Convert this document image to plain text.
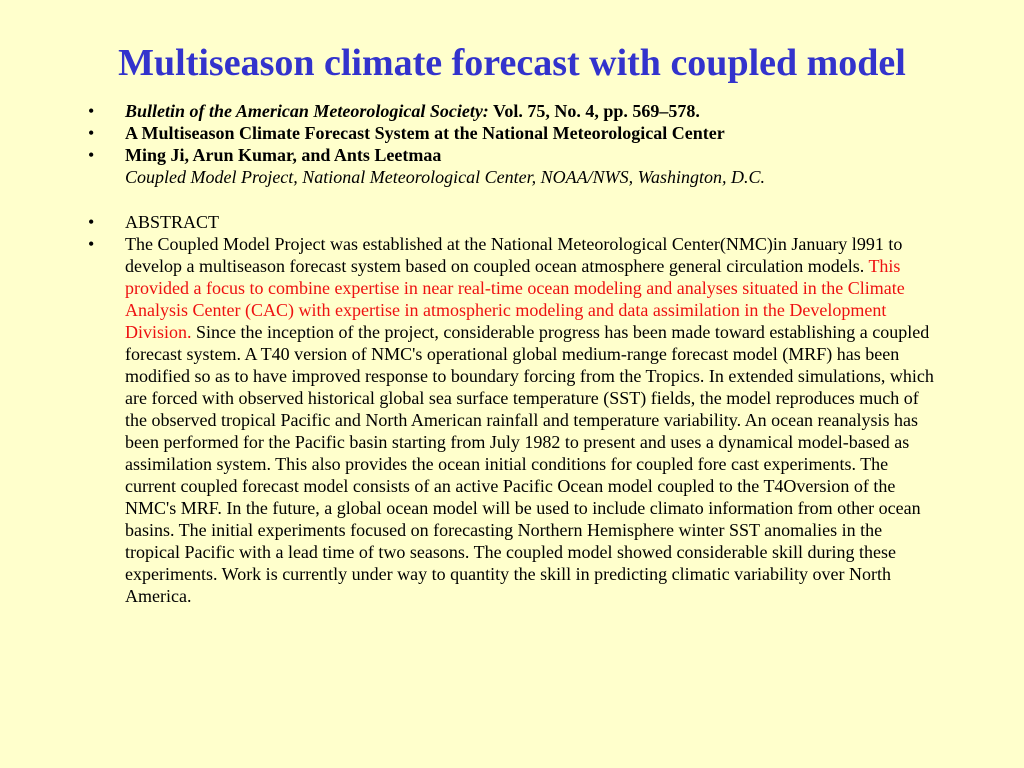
Multiseason climate forecast with coupled model
• Bulletin of the American Meteorological Society: Vol. 75, No. 4, pp. 569–578.
• A Multiseason Climate Forecast System at the National Meteorological Center
• Ming Ji, Arun Kumar, and Ants Leetmaa
Coupled Model Project, National Meteorological Center, NOAA/NWS, Washington, D.C.
• ABSTRACT
• The Coupled Model Project was established at the National Meteorological Center(NMC)in January l991 to develop a multiseason forecast system based on coupled ocean atmosphere general circulation models. This provided a focus to combine expertise in near real-time ocean modeling and analyses situated in the Climate Analysis Center (CAC) with expertise in atmospheric modeling and data assimilation in the Development Division. Since the inception of the project, considerable progress has been made toward establishing a coupled forecast system. A T40 version of NMC's operational global medium-range forecast model (MRF) has been modified so as to have improved response to boundary forcing from the Tropics. In extended simulations, which are forced with observed historical global sea surface temperature (SST) fields, the model reproduces much of the observed tropical Pacific and North American rainfall and temperature variability. An ocean reanalysis has been performed for the Pacific basin starting from July 1982 to present and uses a dynamical model-based as assimilation system. This also provides the ocean initial conditions for coupled fore cast experiments. The current coupled forecast model consists of an active Pacific Ocean model coupled to the T4Oversion of the NMC's MRF. In the future, a global ocean model will be used to include climato information from other ocean basins. The initial experiments focused on forecasting Northern Hemisphere winter SST anomalies in the tropical Pacific with a lead time of two seasons. The coupled model showed considerable skill during these experiments. Work is currently under way to quantity the skill in predicting climatic variability over North America.
